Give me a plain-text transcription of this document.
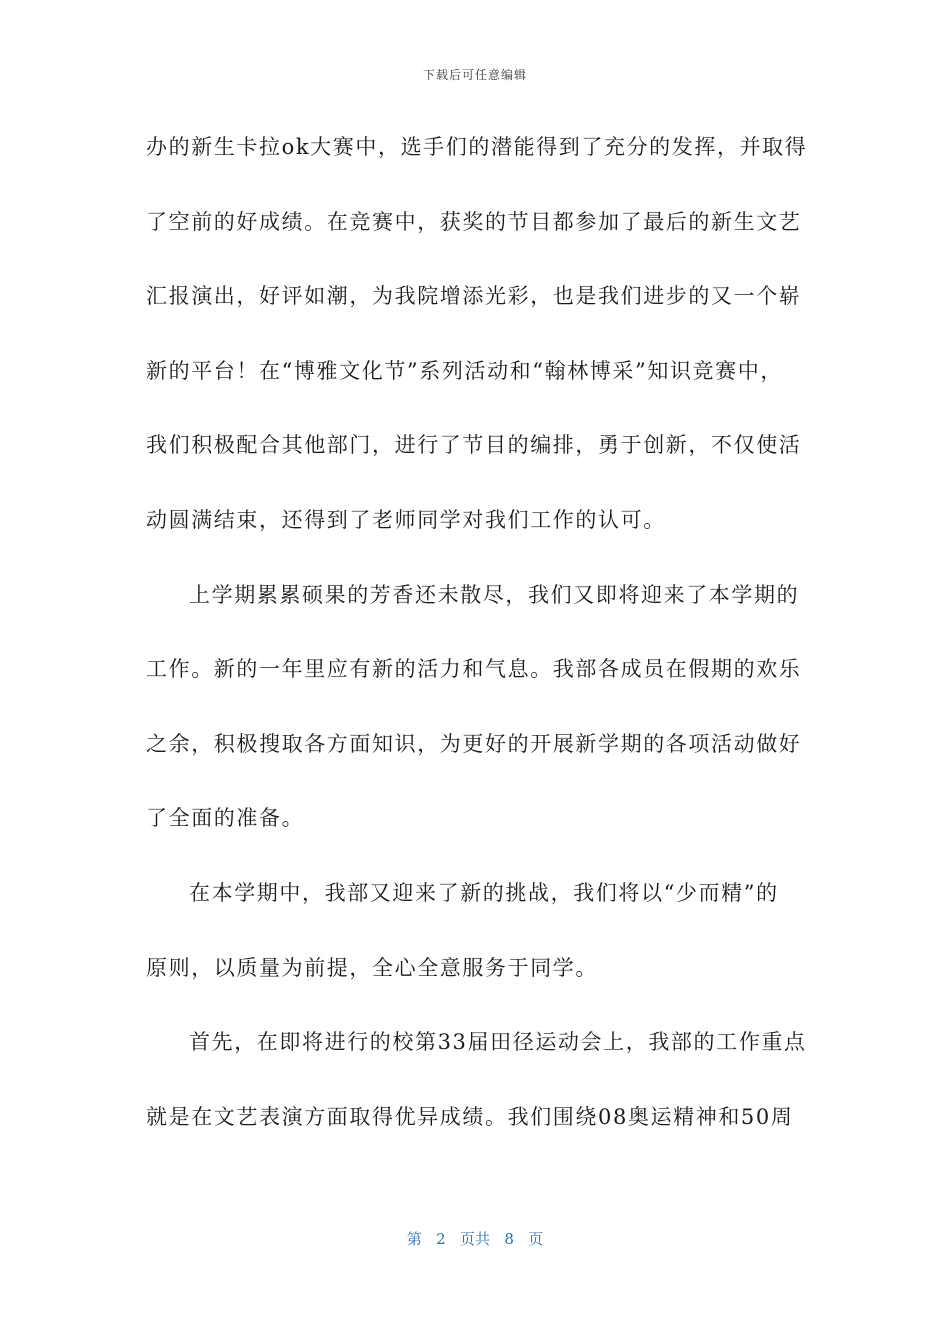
下载后可任意编辑
办的新生卡拉ok大赛中，选手们的潜能得到了充分的发挥，并取得
了空前的好成绩。在竞赛中，获奖的节目都参加了最后的新生文艺
汇报演出，好评如潮，为我院增添光彩，也是我们进步的又一个崭
新的平台！在“博雅文化节”系列活动和“翰林博采”知识竞赛中，
我们积极配合其他部门，进行了节目的编排，勇于创新，不仅使活
动圆满结束，还得到了老师同学对我们工作的认可。
上学期累累硕果的芳香还未散尽，我们又即将迎来了本学期的
工作。新的一年里应有新的活力和气息。我部各成员在假期的欢乐
之余，积极搜取各方面知识，为更好的开展新学期的各项活动做好
了全面的准备。
在本学期中，我部又迎来了新的挑战，我们将以“少而精”的
原则，以质量为前提，全心全意服务于同学。
首先，在即将进行的校第33届田径运动会上，我部的工作重点
就是在文艺表演方面取得优异成绩。我们围绕08奥运精神和50周
第 2 页共 8 页
